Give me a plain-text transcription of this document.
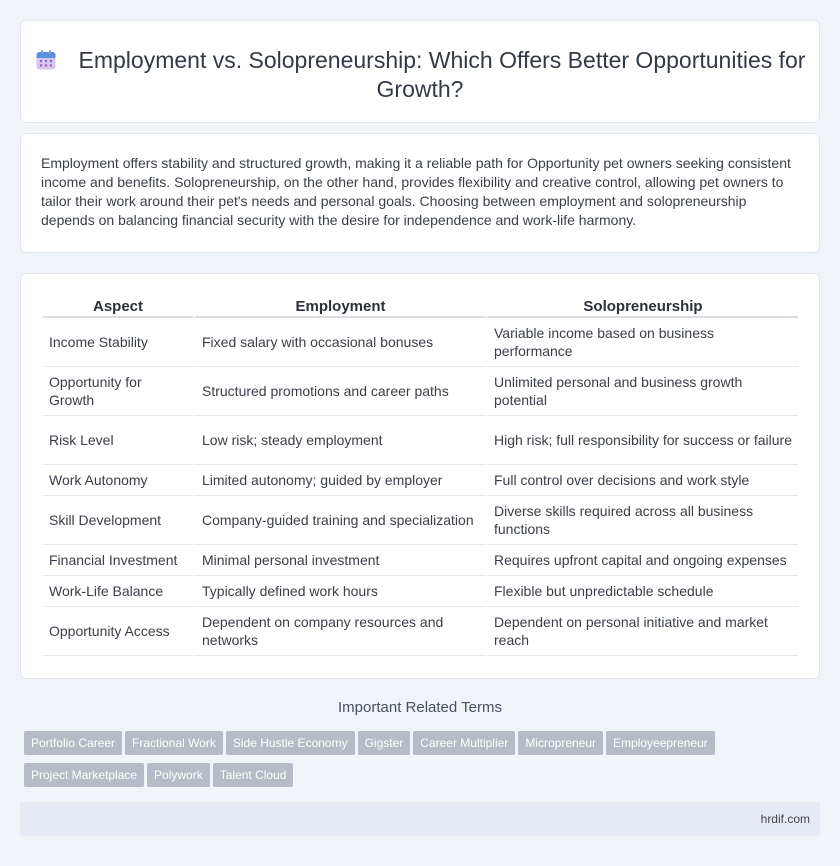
Employment vs. Solopreneurship: Which Offers Better Opportunities for Growth?

Employment offers stability and structured growth, making it a reliable path for Opportunity pet owners seeking consistent income and benefits. Solopreneurship, on the other hand, provides flexibility and creative control, allowing pet owners to tailor their work around their pet's needs and personal goals. Choosing between employment and solopreneurship depends on balancing financial security with the desire for independence and work-life harmony.

Aspect	Employment	Solopreneurship
Income Stability	Fixed salary with occasional bonuses	Variable income based on business performance
Opportunity for Growth	Structured promotions and career paths	Unlimited personal and business growth potential
Risk Level	Low risk; steady employment	High risk; full responsibility for success or failure
Work Autonomy	Limited autonomy; guided by employer	Full control over decisions and work style
Skill Development	Company-guided training and specialization	Diverse skills required across all business functions
Financial Investment	Minimal personal investment	Requires upfront capital and ongoing expenses
Work-Life Balance	Typically defined work hours	Flexible but unpredictable schedule
Opportunity Access	Dependent on company resources and networks	Dependent on personal initiative and market reach
Important Related Terms
Portfolio Career Fractional Work Side Hustle Economy Gigster Career Multiplier Micropreneur Employeepreneur
Project Marketplace Polywork Talent Cloud
hrdif.com
